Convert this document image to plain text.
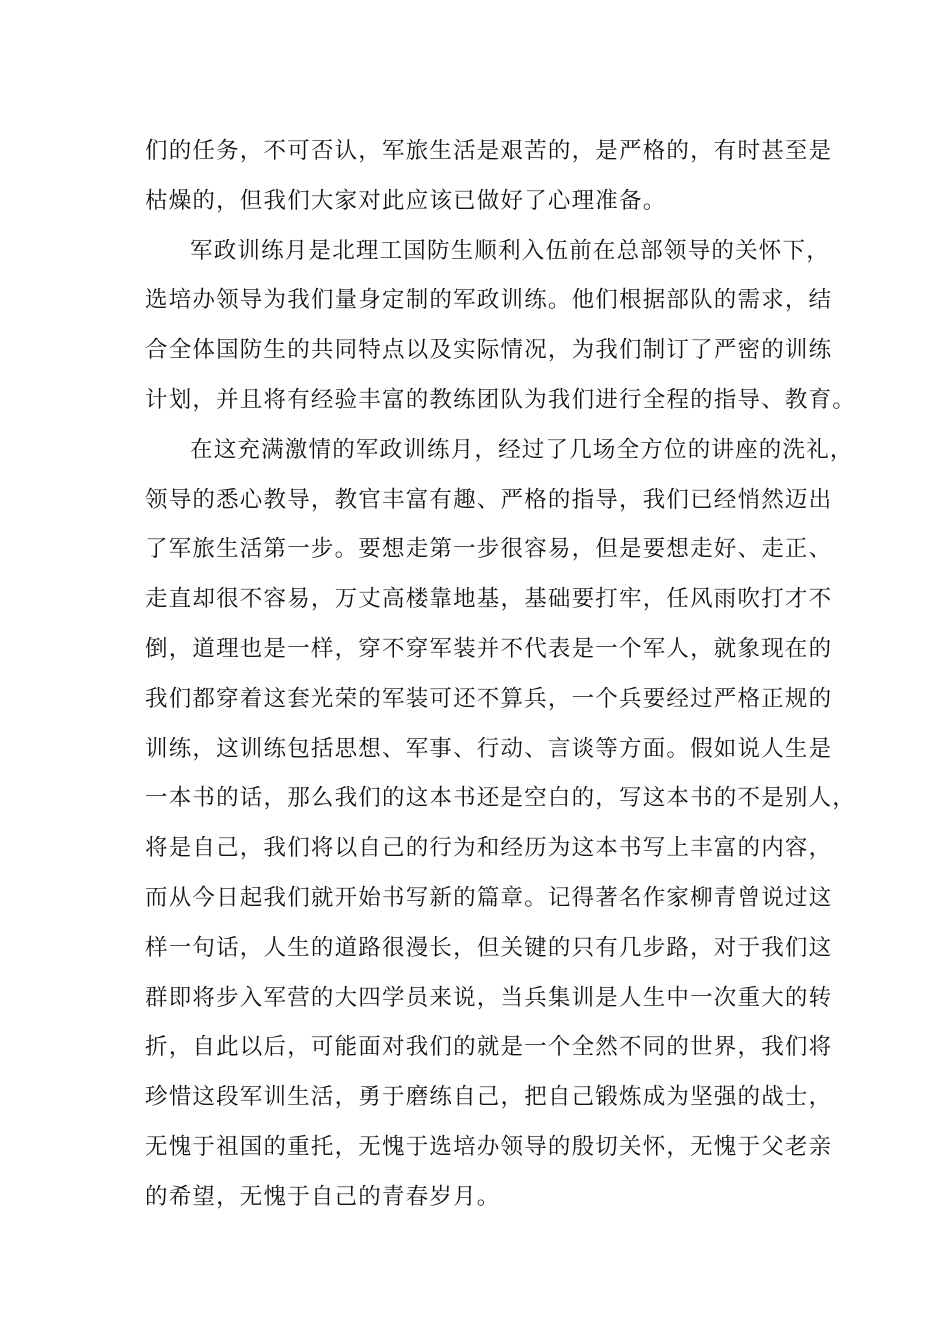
们的任务，不可否认，军旅生活是艰苦的，是严格的，有时甚至是
枯燥的，但我们大家对此应该已做好了心理准备。
军政训练月是北理工国防生顺利入伍前在总部领导的关怀下，
选培办领导为我们量身定制的军政训练。他们根据部队的需求，结
合全体国防生的共同特点以及实际情况，为我们制订了严密的训练
计划，并且将有经验丰富的教练团队为我们进行全程的指导、教育。
在这充满激情的军政训练月，经过了几场全方位的讲座的洗礼，
领导的悉心教导，教官丰富有趣、严格的指导，我们已经悄然迈出
了军旅生活第一步。要想走第一步很容易，但是要想走好、走正、
走直却很不容易，万丈高楼靠地基，基础要打牢，任风雨吹打才不
倒，道理也是一样，穿不穿军装并不代表是一个军人，就象现在的
我们都穿着这套光荣的军装可还不算兵，一个兵要经过严格正规的
训练，这训练包括思想、军事、行动、言谈等方面。假如说人生是
一本书的话，那么我们的这本书还是空白的，写这本书的不是别人，
将是自己，我们将以自己的行为和经历为这本书写上丰富的内容，
而从今日起我们就开始书写新的篇章。记得著名作家柳青曾说过这
样一句话，人生的道路很漫长，但关键的只有几步路，对于我们这
群即将步入军营的大四学员来说，当兵集训是人生中一次重大的转
折，自此以后，可能面对我们的就是一个全然不同的世界，我们将
珍惜这段军训生活，勇于磨练自己，把自己锻炼成为坚强的战士，
无愧于祖国的重托，无愧于选培办领导的殷切关怀，无愧于父老亲
的希望，无愧于自己的青春岁月。
